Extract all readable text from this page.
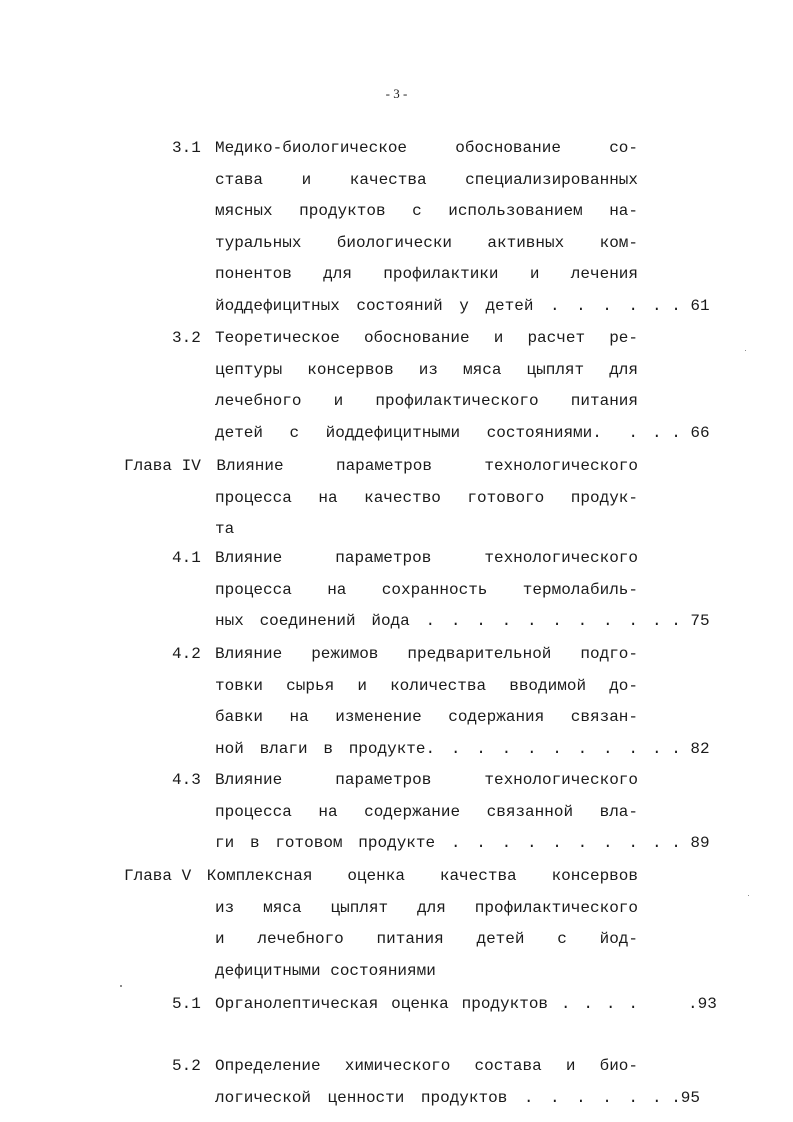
- 3 -
3.1 Медико-биологическое обоснование со-
става и качества специализированных
мясных продуктов с использованием на-
туральных биологически активных ком-
понентов для профилактики и лечения
йоддефицитных состояний у детей . . . . . . 61
3.2 Теоретическое обоснование и расчет ре-
цептуры консервов из мяса цыплят для
лечебного и профилактического питания
детей с йоддефицитными состояниями. . . . 66
Глава IV Влияние параметров технологического
процесса на качество готового продук-
та
4.1 Влияние параметров технологического
процесса на сохранность термолабиль-
ных соединений йода . . . . . . . . . . . 75
4.2 Влияние режимов предварительной подго-
товки сырья и количества вводимой до-
бавки на изменение содержания связан-
ной влаги в продукте. . . . . . . . . . . 82
4.3 Влияние параметров технологического
процесса на содержание связанной вла-
ги в готовом продукте . . . . . . . . . . 89
Глава V Комплексная оценка качества консервов
из мяса цыплят для профилактического
и лечебного питания детей с йод-
дефицитными состояниями
5.1 Органолептическая оценка продуктов . . . .	.93
5.2 Определение химического состава и био-
логической ценности продуктов . . . . . . .95
